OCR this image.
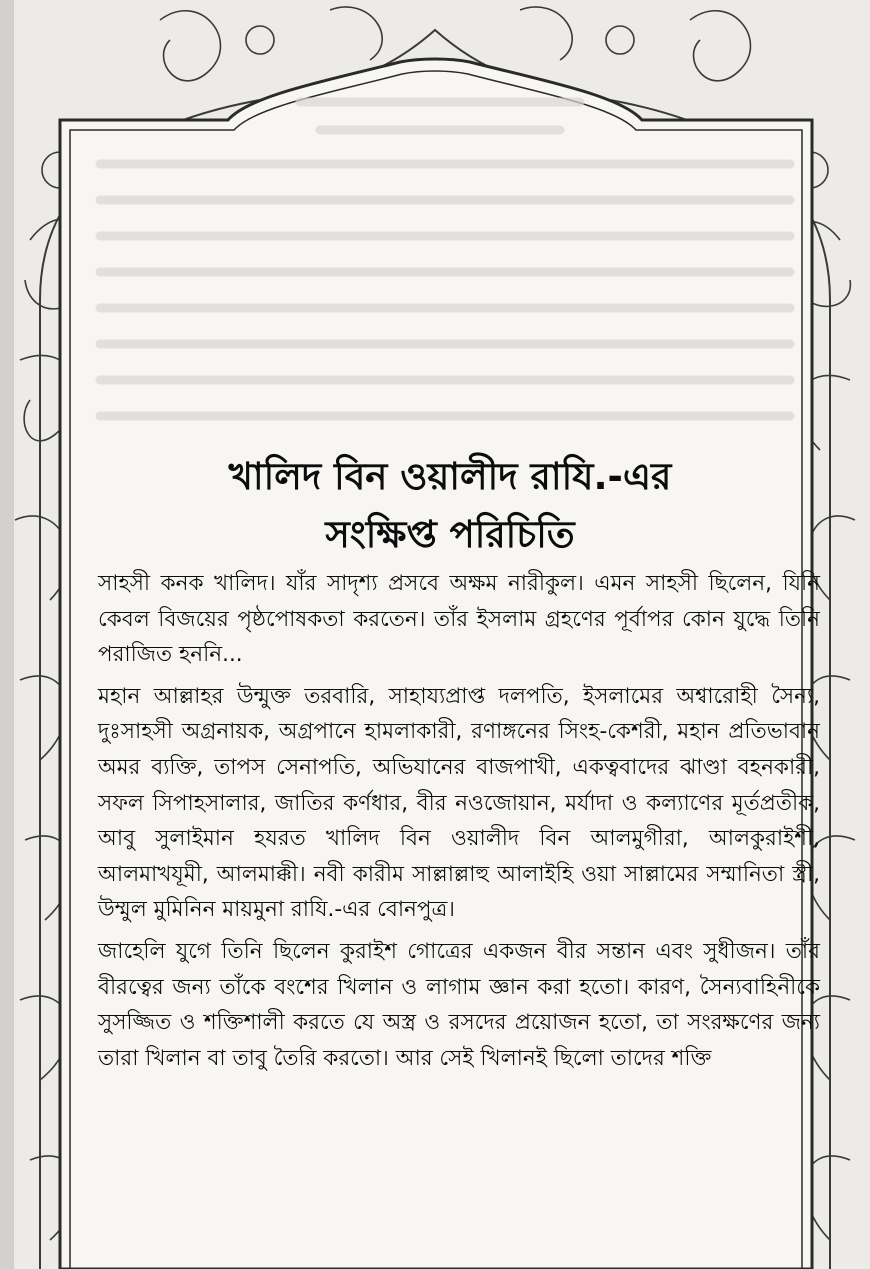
খালিদ বিন ওয়ালীদ রাযি.-এর

সংক্ষিপ্ত পরিচিতি

সাহসী কনক খালিদ। যাঁর সাদৃশ্য প্রসবে অক্ষম নারীকুল। এমন সাহসী ছিলেন, যিনি কেবল বিজয়ের পৃষ্ঠপোষকতা করতেন। তাঁর ইসলাম গ্রহণের পূর্বাপর কোন যুদ্ধে তিনি পরাজিত হননি...

মহান আল্লাহর উন্মুক্ত তরবারি, সাহায্যপ্রাপ্ত দলপতি, ইসলামের অশ্বারোহী সৈন্য, দুঃসাহসী অগ্রনায়ক, অগ্রপানে হামলাকারী, রণাঙ্গনের সিংহ-কেশরী, মহান প্রতিভাবান অমর ব্যক্তি, তাপস সেনাপতি, অভিযানের বাজপাখী, একত্ববাদের ঝাণ্ডা বহনকারী, সফল সিপাহসালার, জাতির কর্ণধার, বীর নওজোয়ান, মর্যাদা ও কল্যাণের মূর্তপ্রতীক, আবু সুলাইমান হযরত খালিদ বিন ওয়ালীদ বিন আলমুগীরা, আলকুরাইশী, আলমাখযূমী, আলমাক্কী। নবী কারীম সাল্লাল্লাহু আলাইহি ওয়া সাল্লামের সম্মানিতা স্ত্রী, উম্মুল মুমিনিন মায়মুনা রাযি.-এর বোনপুত্র।

জাহেলি যুগে তিনি ছিলেন কুরাইশ গোত্রের একজন বীর সন্তান এবং সুধীজন। তাঁর বীরত্বের জন্য তাঁকে বংশের খিলান ও লাগাম জ্ঞান করা হতো। কারণ, সৈন্যবাহিনীকে সুসজ্জিত ও শক্তিশালী করতে যে অস্ত্র ও রসদের প্রয়োজন হতো, তা সংরক্ষণের জন্য তারা খিলান বা তাবু তৈরি করতো। আর সেই খিলানই ছিলো তাদের শক্তি
